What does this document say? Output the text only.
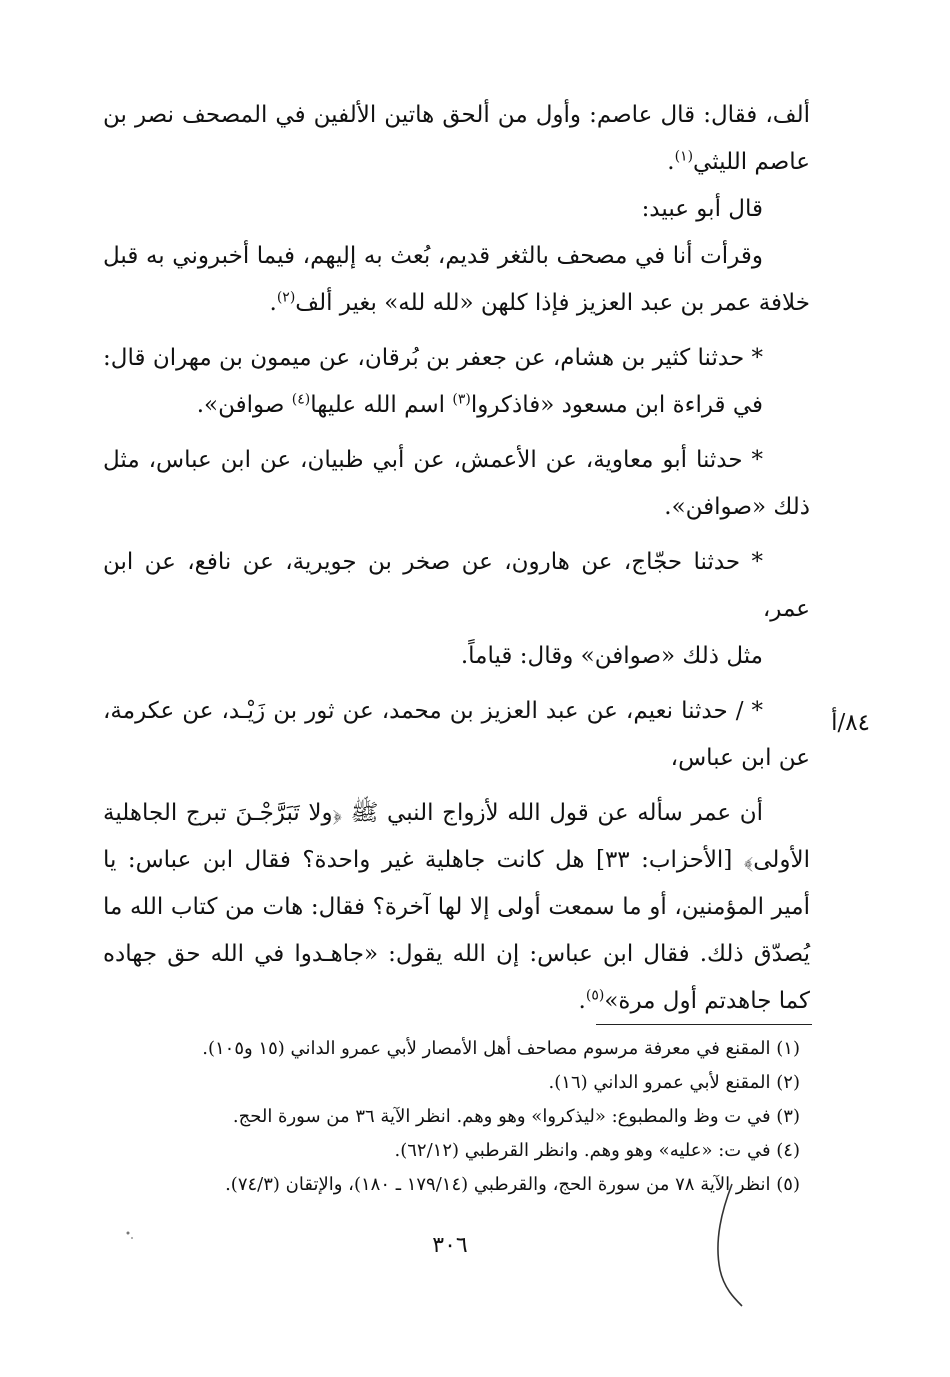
ألف، فقال: قال عاصم: وأول من ألحق هاتين الألفين في المصحف نصر بن عاصم الليثي$^{(١)}$.

قال أبو عبيد:

وقرأت أنا في مصحف بالثغر قديم، بُعث به إليهم، فيما أخبروني به قبل خلافة عمر بن عبد العزيز فإذا كلهن «لله لله» بغير ألف$^{(٢)}$.

* حدثنا كثير بن هشام، عن جعفر بن بُرقان، عن ميمون بن مهران قال:

في قراءة ابن مسعود «فاذكروا$^{(٣)}$ اسم الله عليها$^{(٤)}$ صوافن».

* حدثنا أبو معاوية، عن الأعمش، عن أبي ظبيان، عن ابن عباس، مثل ذلك «صوافن».

* حدثنا حجّاج، عن هارون، عن صخر بن جويرية، عن نافع، عن ابن عمر،

مثل ذلك «صوافن» وقال: قياماً.

* / حدثنا نعيم، عن عبد العزيز بن محمد، عن ثور بن زَيْـد، عن عكرمة، عن ابن عباس،

أن عمر سأله عن قول الله لأزواج النبي ﷺ ﴿ولا تَبَرَّجْـنَ تبرج الجاهلية الأولى﴾ [الأحزاب: ٣٣] هل كانت جاهلية غير واحدة؟ فقال ابن عباس: يا أمير المؤمنين، أو ما سمعت أولى إلا لها آخرة؟ فقال: هات من كتاب الله ما يُصدّق ذلك. فقال ابن عباس: إن الله يقول: «جاهـدوا في الله حق جهاده كما جاهدتم أول مرة»$^{(٥)}$.

٨٤/أ

(١) المقنع في معرفة مرسوم مصاحف أهل الأمصار لأبي عمرو الداني (١٥ و١٠٥).

(٢) المقنع لأبي عمرو الداني (١٦).

(٣) في ت وظ والمطبوع: «ليذكروا» وهو وهم. انظر الآية ٣٦ من سورة الحج.

(٤) في ت: «عليه» وهو وهم. وانظر القرطبي (٦٢/١٢).

(٥) انظر الآية ٧٨ من سورة الحج، والقرطبي (١٧٩/١٤ ـ ١٨٠)، والإتقان (٧٤/٣).

٣٠٦
